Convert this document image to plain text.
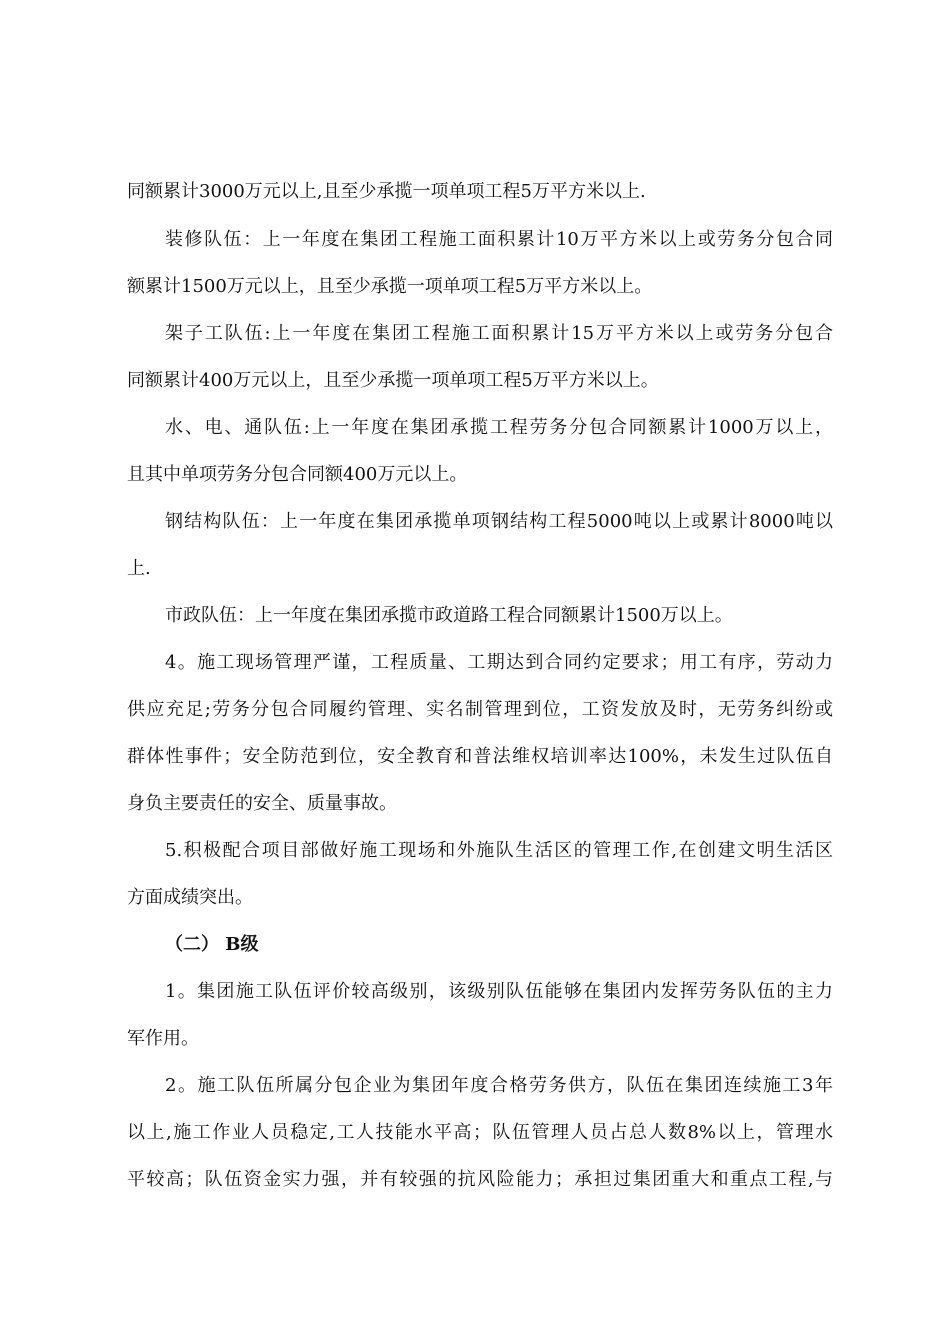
同额累计3000万元以上,且至少承揽一项单项工程5万平方米以上.
装修队伍：上一年度在集团工程施工面积累计10万平方米以上或劳务分包合同
额累计1500万元以上，且至少承揽一项单项工程5万平方米以上。
架子工队伍:上一年度在集团工程施工面积累计15万平方米以上或劳务分包合
同额累计400万元以上，且至少承揽一项单项工程5万平方米以上。
水、电、通队伍:上一年度在集团承揽工程劳务分包合同额累计1000万以上，
且其中单项劳务分包合同额400万元以上。
钢结构队伍：上一年度在集团承揽单项钢结构工程5000吨以上或累计8000吨以
上.
市政队伍：上一年度在集团承揽市政道路工程合同额累计1500万以上。
4。施工现场管理严谨，工程质量、工期达到合同约定要求；用工有序，劳动力
供应充足;劳务分包合同履约管理、实名制管理到位，工资发放及时，无劳务纠纷或
群体性事件；安全防范到位，安全教育和普法维权培训率达100%，未发生过队伍自
身负主要责任的安全、质量事故。
5.积极配合项目部做好施工现场和外施队生活区的管理工作,在创建文明生活区
方面成绩突出。
（二） B级
1。集团施工队伍评价较高级别，该级别队伍能够在集团内发挥劳务队伍的主力
军作用。
2。施工队伍所属分包企业为集团年度合格劳务供方，队伍在集团连续施工3年
以上,施工作业人员稳定,工人技能水平高；队伍管理人员占总人数8%以上，管理水
平较高；队伍资金实力强，并有较强的抗风险能力；承担过集团重大和重点工程,与
